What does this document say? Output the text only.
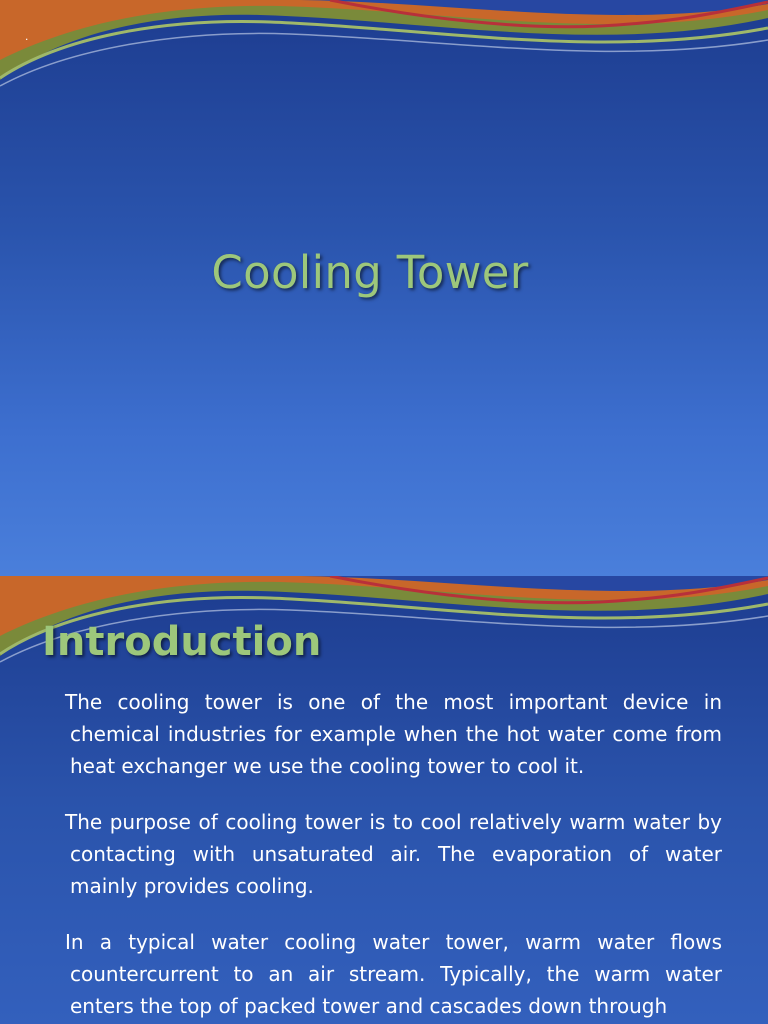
.
Cooling Tower
Introduction

The cooling tower is one of the most important device in chemical industries for example when the hot water come from heat exchanger we use the cooling tower to cool it.

The purpose of cooling tower is to cool relatively warm water by contacting with unsaturated air. The evaporation of water mainly provides cooling.

In a typical water cooling water tower, warm water flows countercurrent to an air stream. Typically, the warm water enters the top of packed tower and cascades down through
